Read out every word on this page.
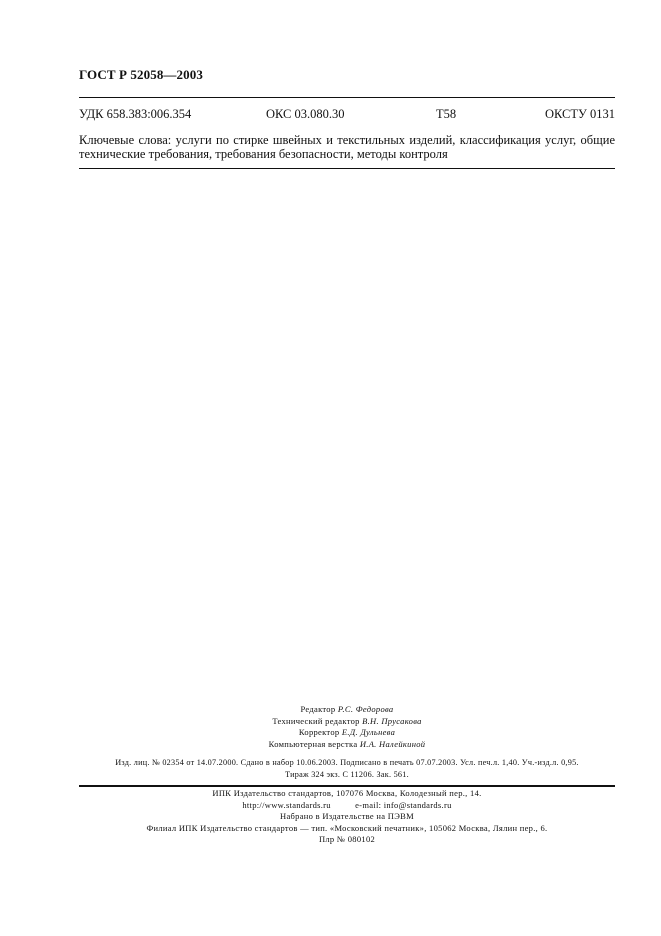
ГОСТ Р 52058—2003
УДК 658.383:006.354	ОКС 03.080.30	Т58	ОКСТУ 0131
Ключевые слова: услуги по стирке швейных и текстильных изделий, классификация услуг, общие
технические требования, требования безопасности, методы контроля
Редактор Р.С. Федорова
Технический редактор В.Н. Прусакова
Корректор Е.Д. Дульнева
Компьютерная верстка И.А. Налейкиной
Изд. лиц. № 02354 от 14.07.2000. Сдано в набор 10.06.2003. Подписано в печать 07.07.2003. Усл. печ.л. 1,40. Уч.-изд.л. 0,95.
Тираж 324 экз. С 11206. Зак. 561.
ИПК Издательство стандартов, 107076 Москва, Колодезный пер., 14.
http://www.standards.ru	e-mail: info@standards.ru
Набрано в Издательстве на ПЭВМ
Филиал ИПК Издательство стандартов — тип. «Московский печатник», 105062 Москва, Лялин пер., 6.
Плр № 080102
